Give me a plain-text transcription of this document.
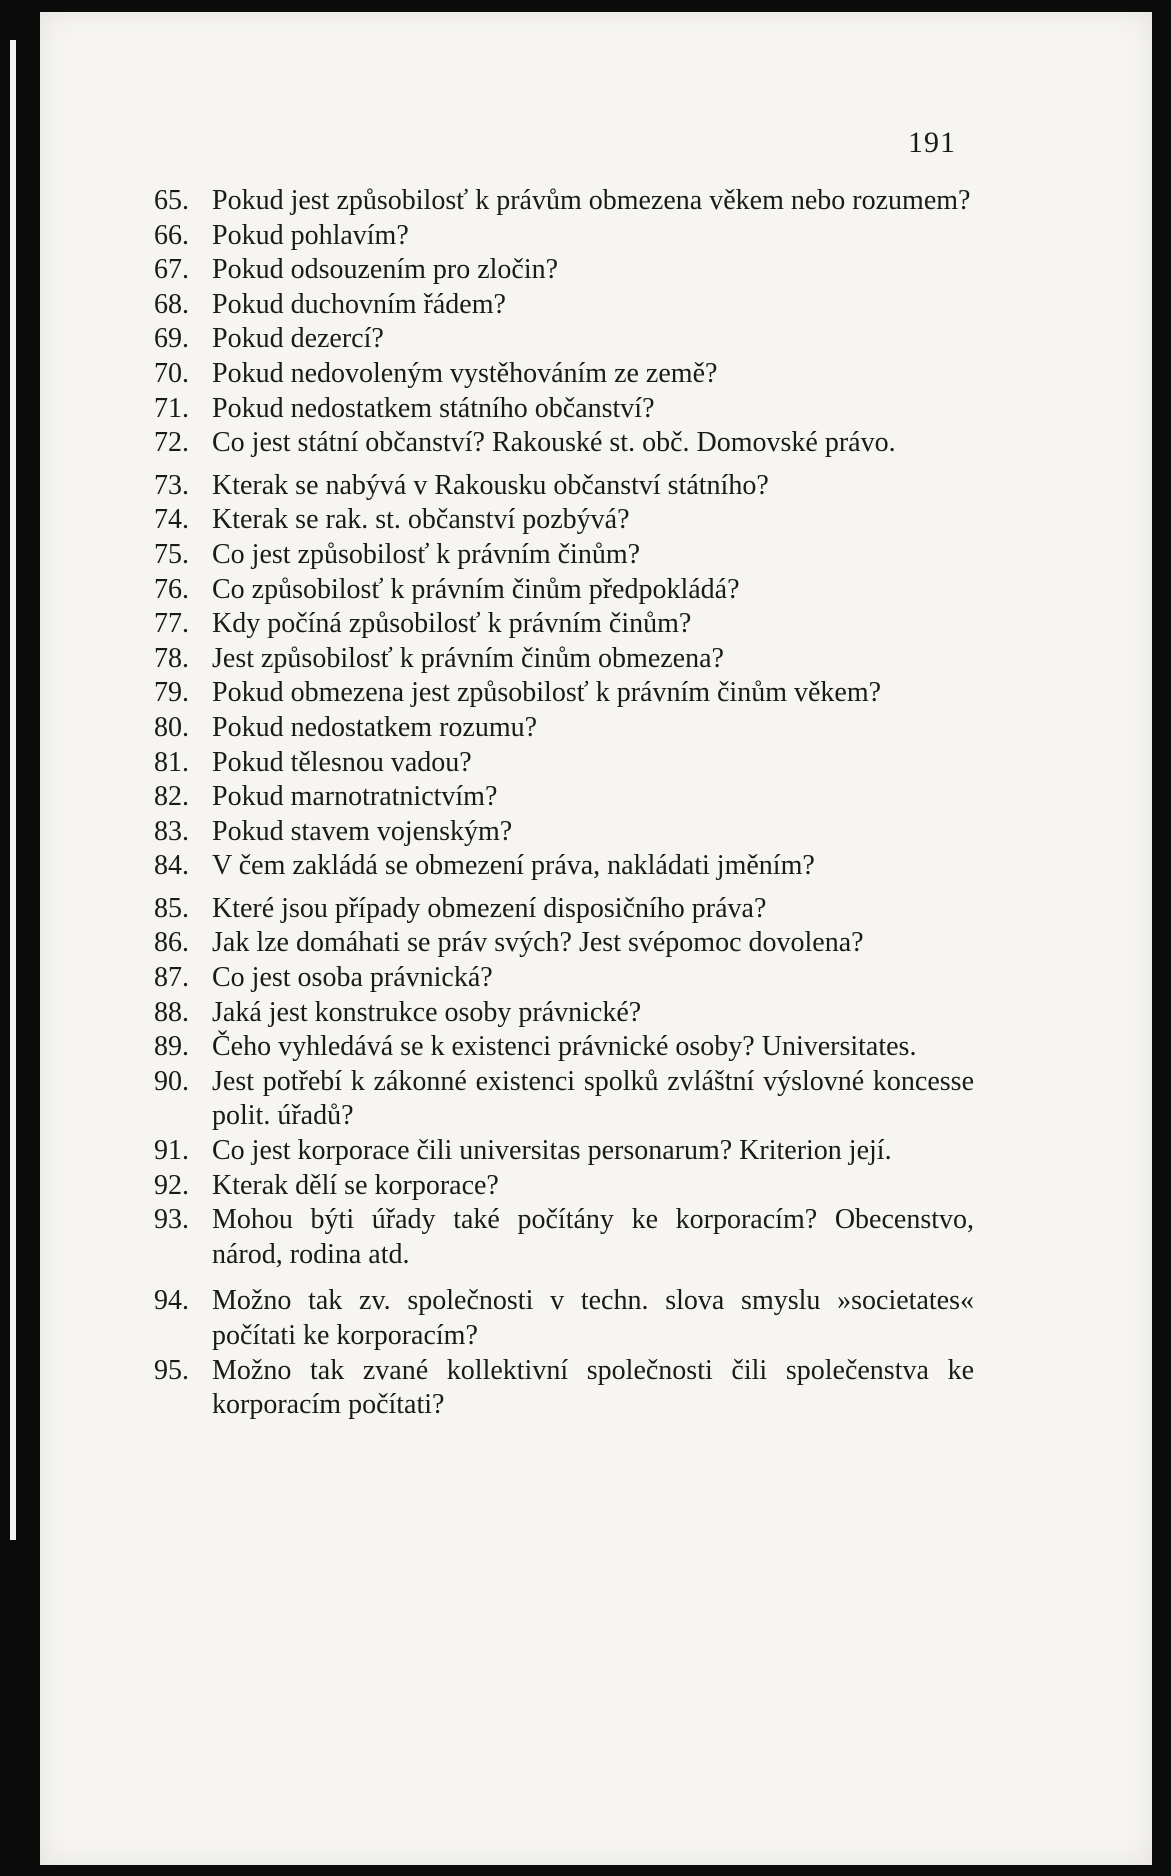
191
65. Pokud jest způsobilosť k právům obmezena věkem nebo rozumem?
66. Pokud pohlavím?
67. Pokud odsouzením pro zločin?
68. Pokud duchovním řádem?
69. Pokud dezercí?
70. Pokud nedovoleným vystěhováním ze země?
71. Pokud nedostatkem státního občanství?
72. Co jest státní občanství? Rakouské st. obč. Domovské právo.
73. Kterak se nabývá v Rakousku občanství státního?
74. Kterak se rak. st. občanství pozbývá?
75. Co jest způsobilosť k právním činům?
76. Co způsobilosť k právním činům předpokládá?
77. Kdy počíná způsobilosť k právním činům?
78. Jest způsobilosť k právním činům obmezena?
79. Pokud obmezena jest způsobilosť k právním činům věkem?
80. Pokud nedostatkem rozumu?
81. Pokud tělesnou vadou?
82. Pokud marnotratnictvím?
83. Pokud stavem vojenským?
84. V čem zakládá se obmezení práva, nakládati jměním?
85. Které jsou případy obmezení disposičního práva?
86. Jak lze domáhati se práv svých? Jest svépomoc dovolena?
87. Co jest osoba právnická?
88. Jaká jest konstrukce osoby právnické?
89. Čeho vyhledává se k existenci právnické osoby? Universitates.
90. Jest potřebí k zákonné existenci spolků zvláštní výslovné koncesse polit. úřadů?
91. Co jest korporace čili universitas personarum? Kriterion její.
92. Kterak dělí se korporace?
93. Mohou býti úřady také počítány ke korporacím? Obecenstvo, národ, rodina atd.
94. Možno tak zv. společnosti v techn. slova smyslu »societates« počítati ke korporacím?
95. Možno tak zvané kollektivní společnosti čili společenstva ke korporacím počítati?
